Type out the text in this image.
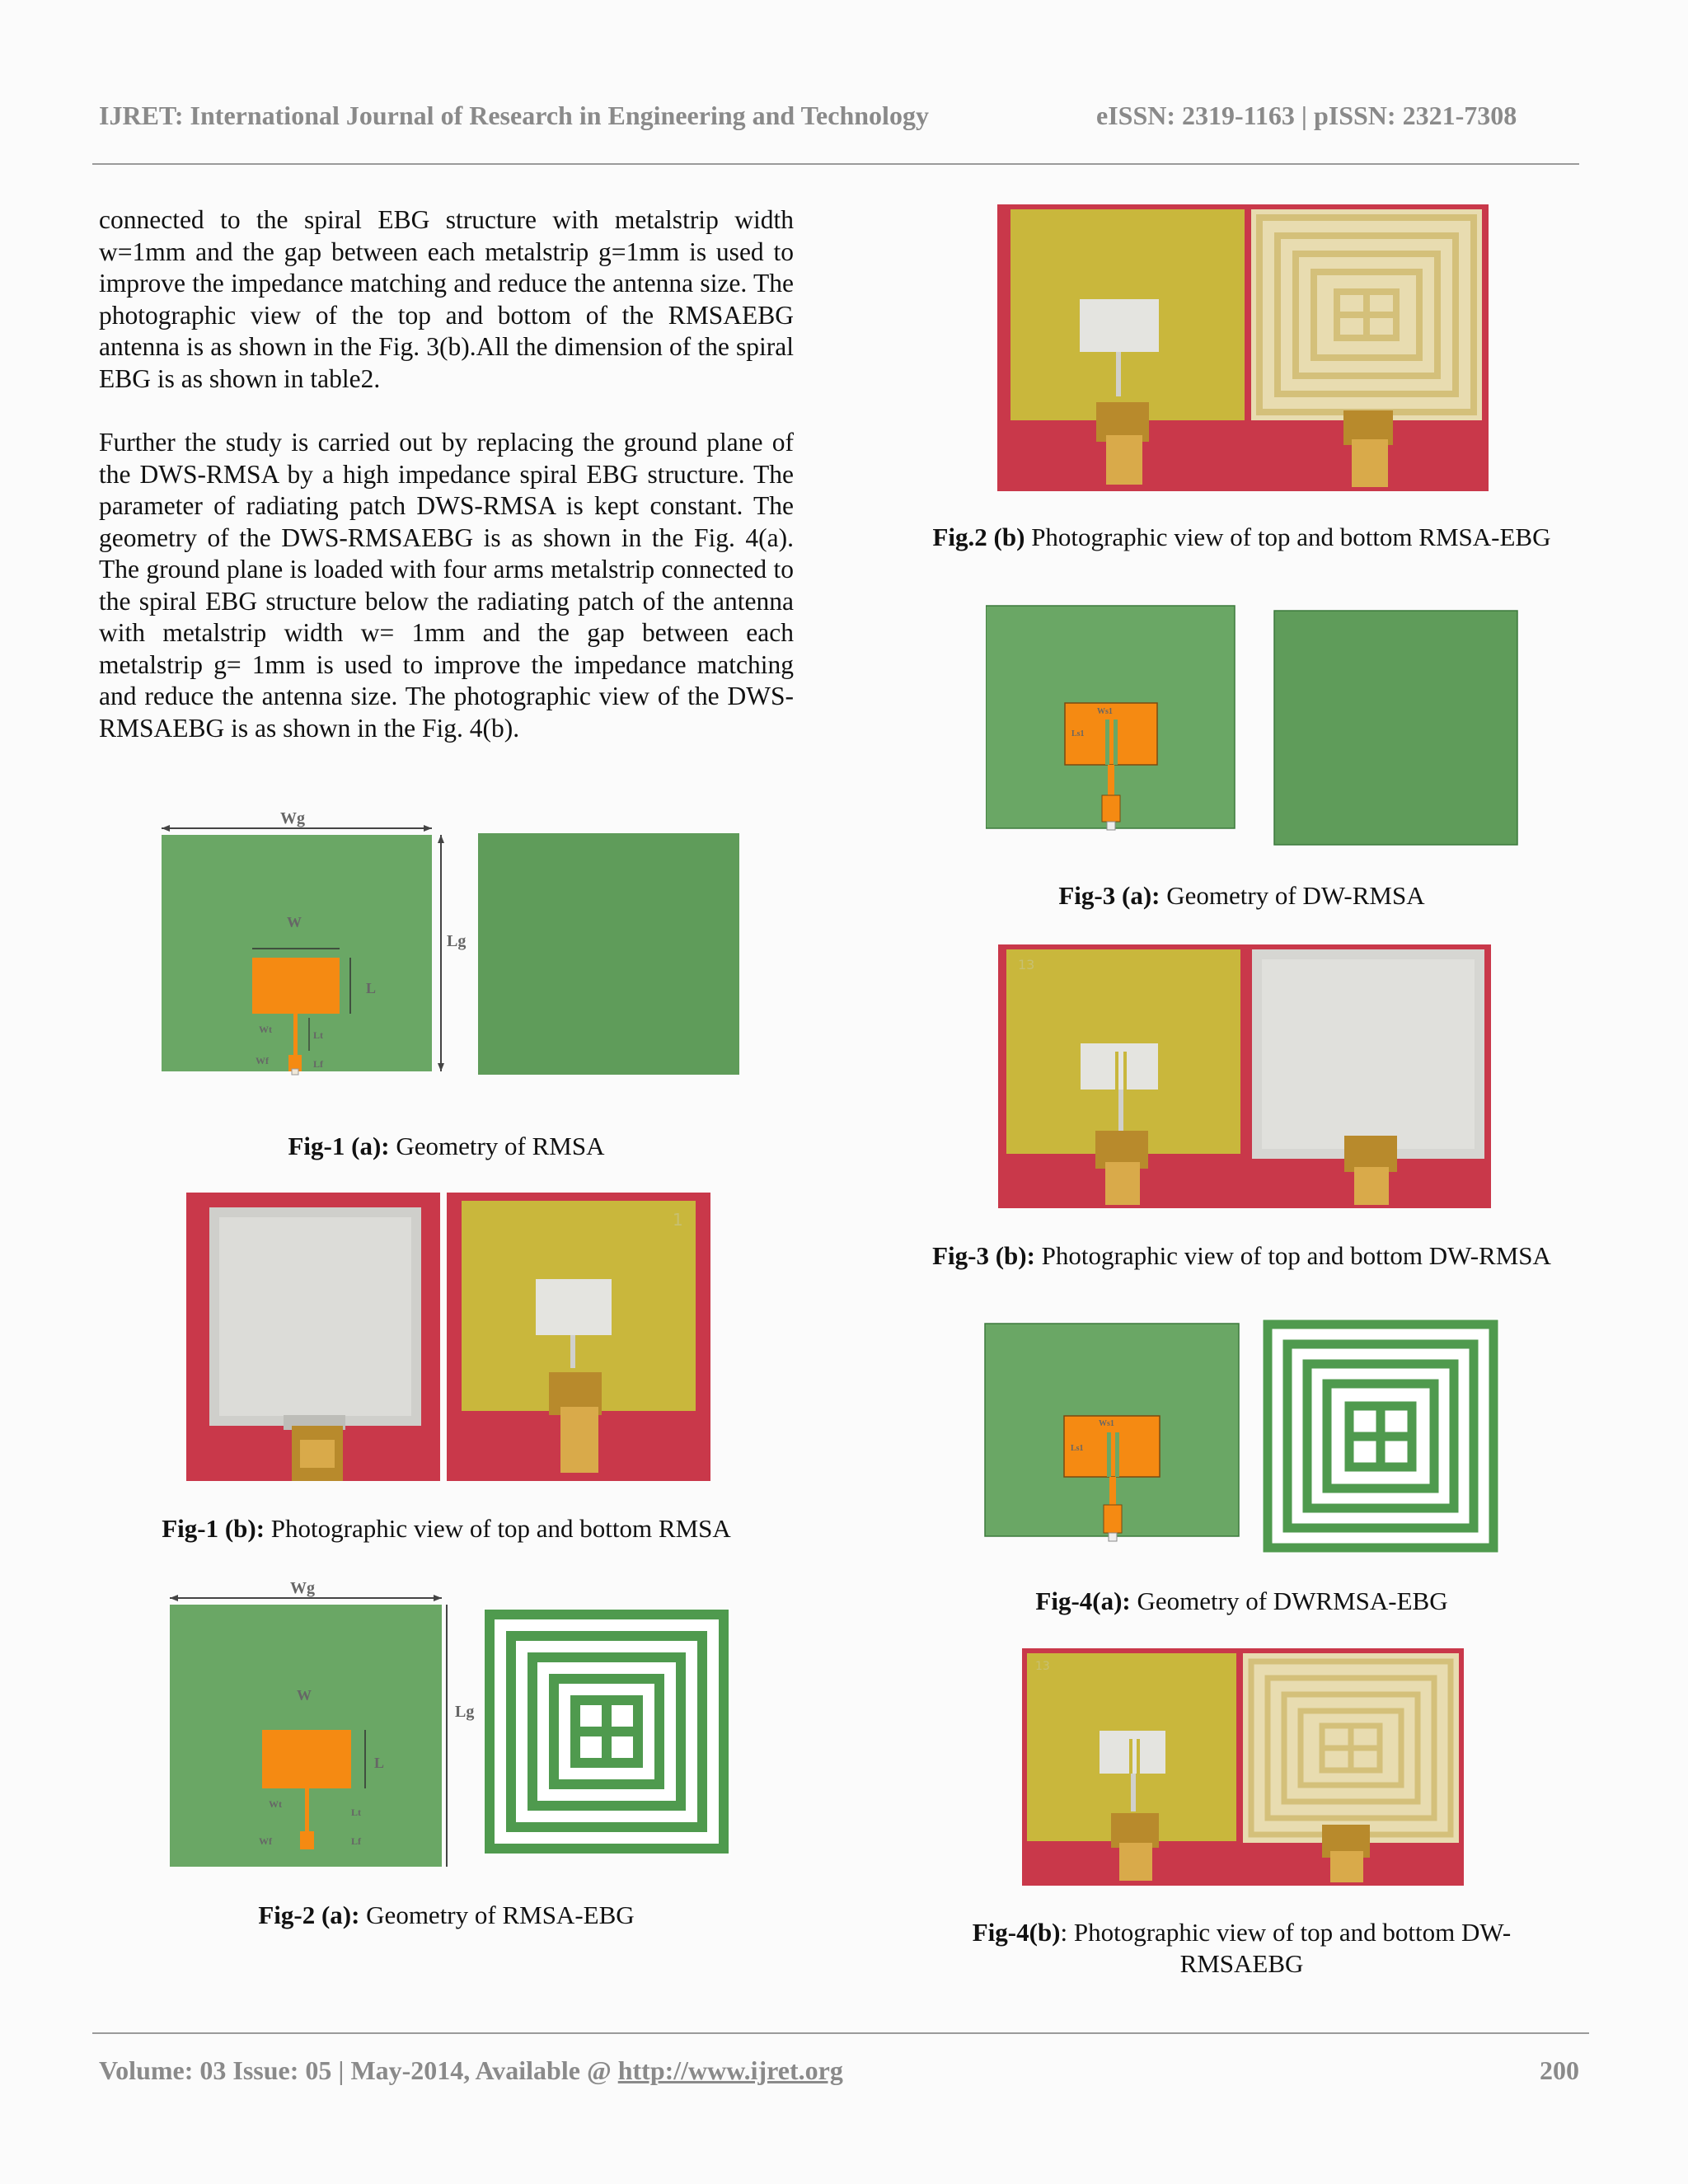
IJRET: International Journal of Research in Engineering and Technology	eISSN: 2319-1163 | pISSN: 2321-7308

connected to the spiral EBG structure with metalstrip width w=1mm and the gap between each metalstrip g=1mm is used to improve the impedance matching and reduce the antenna size. The photographic view of the top and bottom of the RMSAEBG antenna is as shown in the Fig. 3(b).All the dimension of the spiral EBG is as shown in table2.

Further the study is carried out by replacing the ground plane of the DWS-RMSA by a high impedance spiral EBG structure. The parameter of radiating patch DWS-RMSA is kept constant. The geometry of the DWS-RMSAEBG is as shown in the Fig. 4(a). The ground plane is loaded with four arms metalstrip connected to the spiral EBG structure below the radiating patch of the antenna with metalstrip width w= 1mm and the gap between each metalstrip g= 1mm is used to improve the impedance matching and reduce the antenna size. The photographic view of the DWS-RMSAEBG is as shown in the Fig. 4(b).

Wg
Lg
W
L
Wt
Wf
Lt
Lf
Fig-1 (a): Geometry of RMSA
1
Fig-1 (b): Photographic view of top and bottom RMSA
Wg
Lg
W
L
Wt
Wf
Lt
Lf
Fig-2 (a): Geometry of RMSA-EBG
Fig.2 (b) Photographic view of top and bottom RMSA-EBG
Ws1
Ls1
Fig-3 (a): Geometry of DW-RMSA
13
Fig-3 (b): Photographic view of top and bottom DW-RMSA
Ws1
Ls1
Fig-4(a): Geometry of DWRMSA-EBG
13
Fig-4(b): Photographic view of top and bottom DW-RMSAEBG
Volume: 03 Issue: 05 | May-2014, Available @ http://www.ijret.org	200
